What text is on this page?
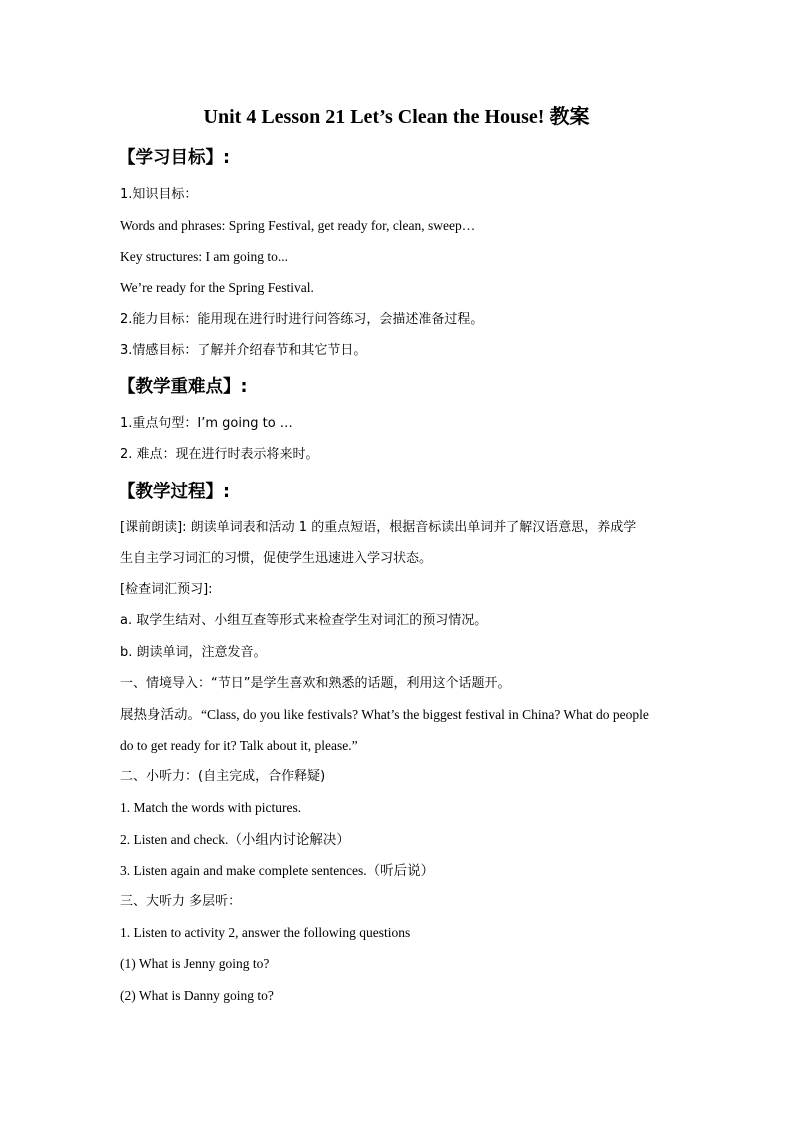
Unit 4 Lesson 21 Let’s Clean the House! 教案
【学习目标】:
1.知识目标：
Words and phrases: Spring Festival, get ready for, clean, sweep…
Key structures: I am going to...
We’re ready for the Spring Festival.
2.能力目标：能用现在进行时进行问答练习，会描述准备过程。
3.情感目标：了解并介绍春节和其它节日。
【教学重难点】:
1.重点句型：I’m going to …
2. 难点：现在进行时表示将来时。
【教学过程】:
[课前朗读]: 朗读单词表和活动 1 的重点短语，根据音标读出单词并了解汉语意思，养成学
生自主学习词汇的习惯，促使学生迅速进入学习状态。
[检查词汇预习]:
a. 取学生结对、小组互查等形式来检查学生对词汇的预习情况。
b. 朗读单词，注意发音。
一、情境导入：“节日”是学生喜欢和熟悉的话题，利用这个话题开。
展热身活动。“Class, do you like festivals? What’s the biggest festival in China? What do people
do to get ready for it? Talk about it, please.”
二、小听力：(自主完成，合作释疑)
1. Match the words with pictures.
2. Listen and check.（小组内讨论解决）
3. Listen again and make complete sentences.（听后说）
三、大听力 多层听：
1. Listen to activity 2, answer the following questions
(1) What is Jenny going to?
(2) What is Danny going to?
